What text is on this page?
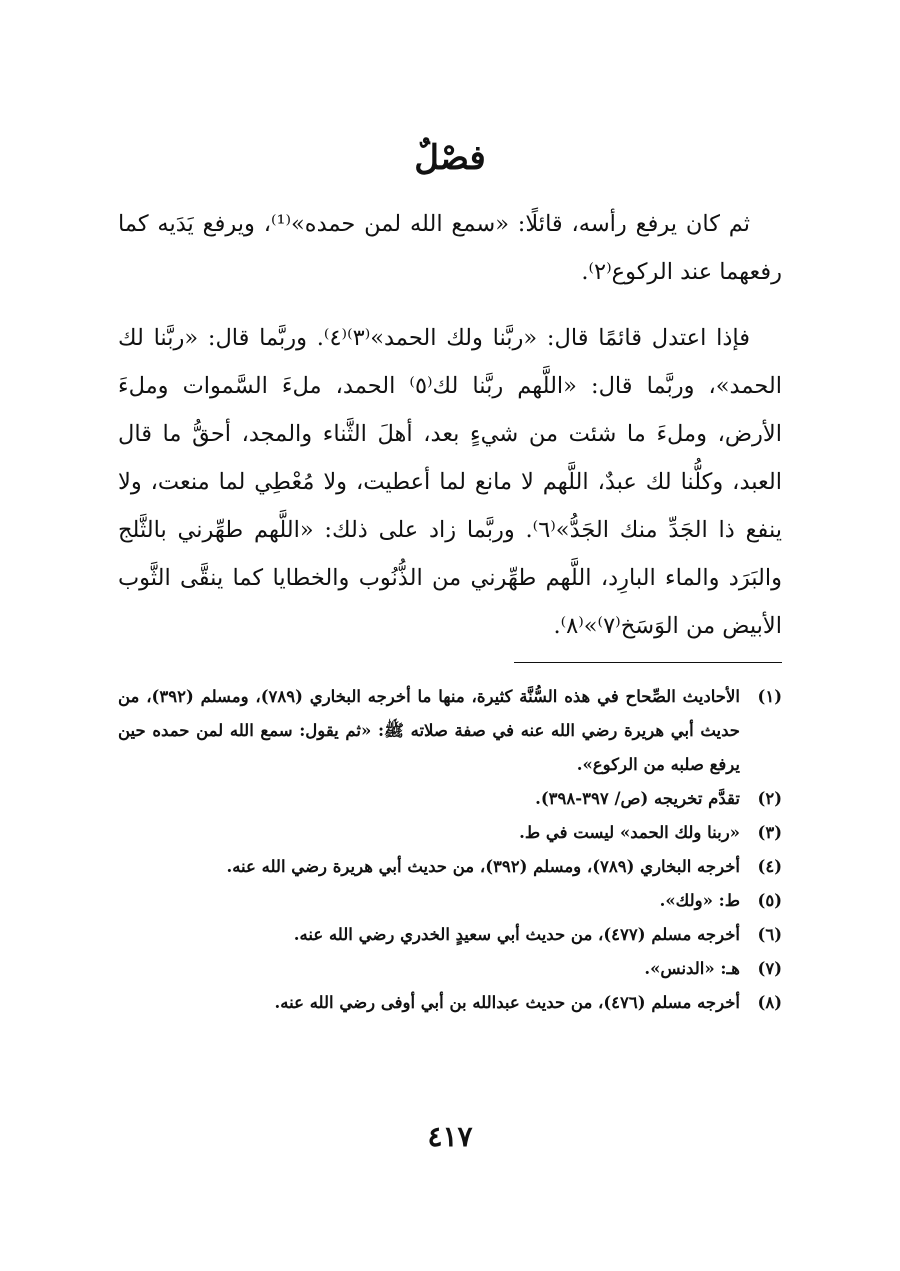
فصْلٌ

ثم كان يرفع رأسه، قائلًا: «سمع الله لمن حمده»⁽¹⁾، ويرفع يَدَيه كما رفعهما عند الركوع⁽٢⁾.

فإذا اعتدل قائمًا قال: «ربَّنا ولك الحمد»⁽٣⁾⁽٤⁾. وربَّما قال: «ربَّنا لك الحمد»، وربَّما قال: «اللَّهم ربَّنا لك⁽٥⁾ الحمد، ملءَ السَّموات وملءَ الأرض، وملءَ ما شئت من شيءٍ بعد، أهلَ الثَّناء والمجد، أحقُّ ما قال العبد، وكلُّنا لك عبدٌ، اللَّهم لا مانع لما أعطيت، ولا مُعْطِي لما منعت، ولا ينفع ذا الجَدِّ منك الجَدُّ»⁽٦⁾. وربَّما زاد على ذلك: «اللَّهم طهِّرني بالثَّلج والبَرَد والماء البارِد، اللَّهم طهِّرني من الذُّنُوب والخطايا كما ينقَّى الثَّوب الأبيض من الوَسَخ⁽٧⁾»⁽٨⁾.

(١)
الأحاديث الصِّحاح في هذه السُّنَّة كثيرة، منها ما أخرجه البخاري (٧٨٩)، ومسلم (٣٩٢)، من حديث أبي هريرة رضي الله عنه في صفة صلاته ﷺ: «ثم يقول: سمع الله لمن حمده حين يرفع صلبه من الركوع».
(٢)
تقدَّم تخريجه (ص/ ٣٩٧-٣٩٨).
(٣)
«ربنا ولك الحمد» ليست في ط.
(٤)
أخرجه البخاري (٧٨٩)، ومسلم (٣٩٢)، من حديث أبي هريرة رضي الله عنه.
(٥)
ط: «ولك».
(٦)
أخرجه مسلم (٤٧٧)، من حديث أبي سعيدٍ الخدري رضي الله عنه.
(٧)
هـ: «الدنس».
(٨)
أخرجه مسلم (٤٧٦)، من حديث عبدالله بن أبي أوفى رضي الله عنه.
٤١٧
